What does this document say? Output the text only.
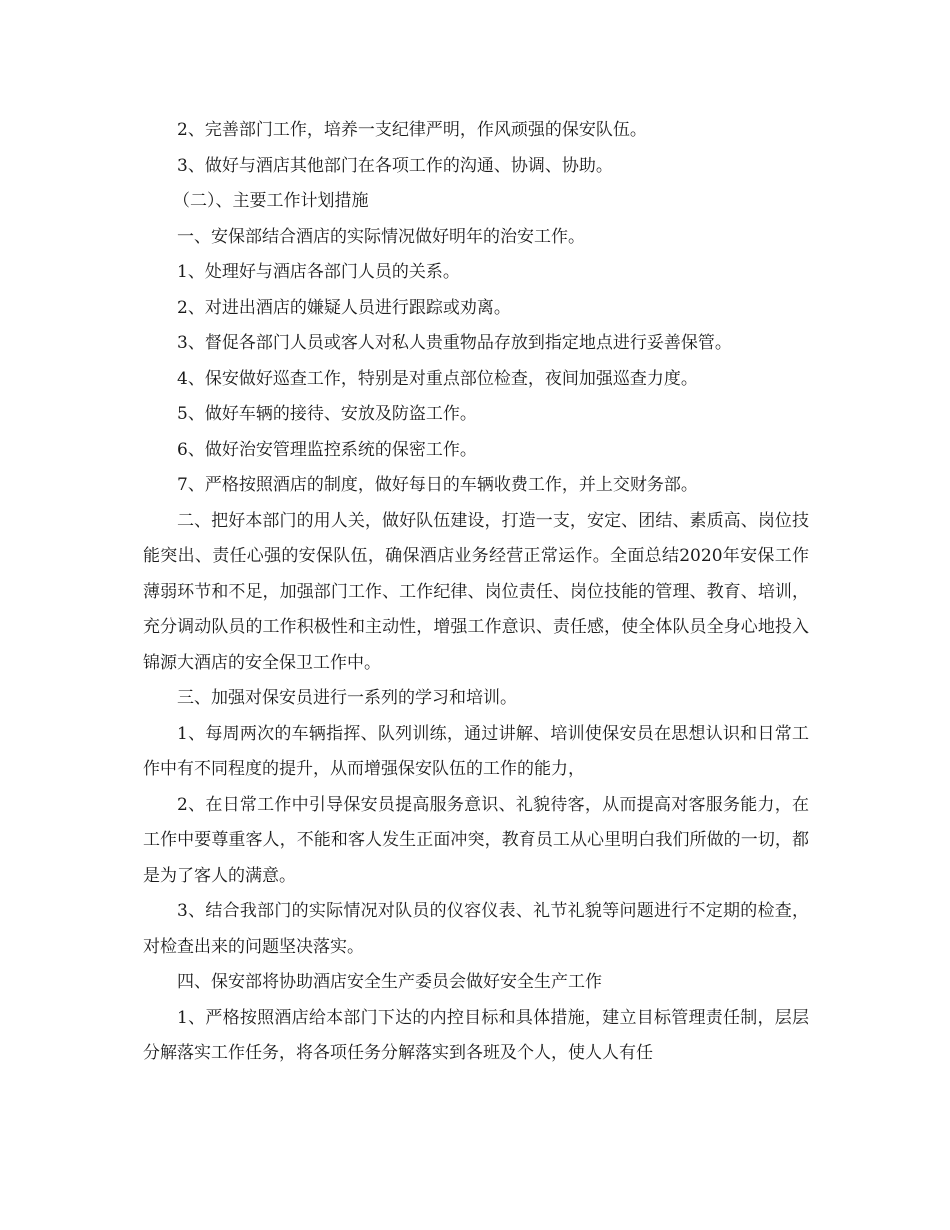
2、完善部门工作，培养一支纪律严明，作风顽强的保安队伍。

3、做好与酒店其他部门在各项工作的沟通、协调、协助。

（二）、主要工作计划措施

一、安保部结合酒店的实际情况做好明年的治安工作。

1、处理好与酒店各部门人员的关系。

2、对进出酒店的嫌疑人员进行跟踪或劝离。

3、督促各部门人员或客人对私人贵重物品存放到指定地点进行妥善保管。

4、保安做好巡查工作，特别是对重点部位检查，夜间加强巡查力度。

5、做好车辆的接待、安放及防盗工作。

6、做好治安管理监控系统的保密工作。

7、严格按照酒店的制度，做好每日的车辆收费工作，并上交财务部。

二、把好本部门的用人关，做好队伍建设，打造一支，安定、团结、素质高、岗位技能突出、责任心强的安保队伍，确保酒店业务经营正常运作。全面总结2020年安保工作薄弱环节和不足，加强部门工作、工作纪律、岗位责任、岗位技能的管理、教育、培训，充分调动队员的工作积极性和主动性，增强工作意识、责任感，使全体队员全身心地投入锦源大酒店的安全保卫工作中。

三、加强对保安员进行一系列的学习和培训。

1、每周两次的车辆指挥、队列训练，通过讲解、培训使保安员在思想认识和日常工作中有不同程度的提升，从而增强保安队伍的工作的能力，

2、在日常工作中引导保安员提高服务意识、礼貌待客，从而提高对客服务能力，在工作中要尊重客人，不能和客人发生正面冲突，教育员工从心里明白我们所做的一切，都是为了客人的满意。

3、结合我部门的实际情况对队员的仪容仪表、礼节礼貌等问题进行不定期的检查，对检查出来的问题坚决落实。

四、保安部将协助酒店安全生产委员会做好安全生产工作

1、严格按照酒店给本部门下达的内控目标和具体措施，建立目标管理责任制，层层分解落实工作任务，将各项任务分解落实到各班及个人，使人人有任
